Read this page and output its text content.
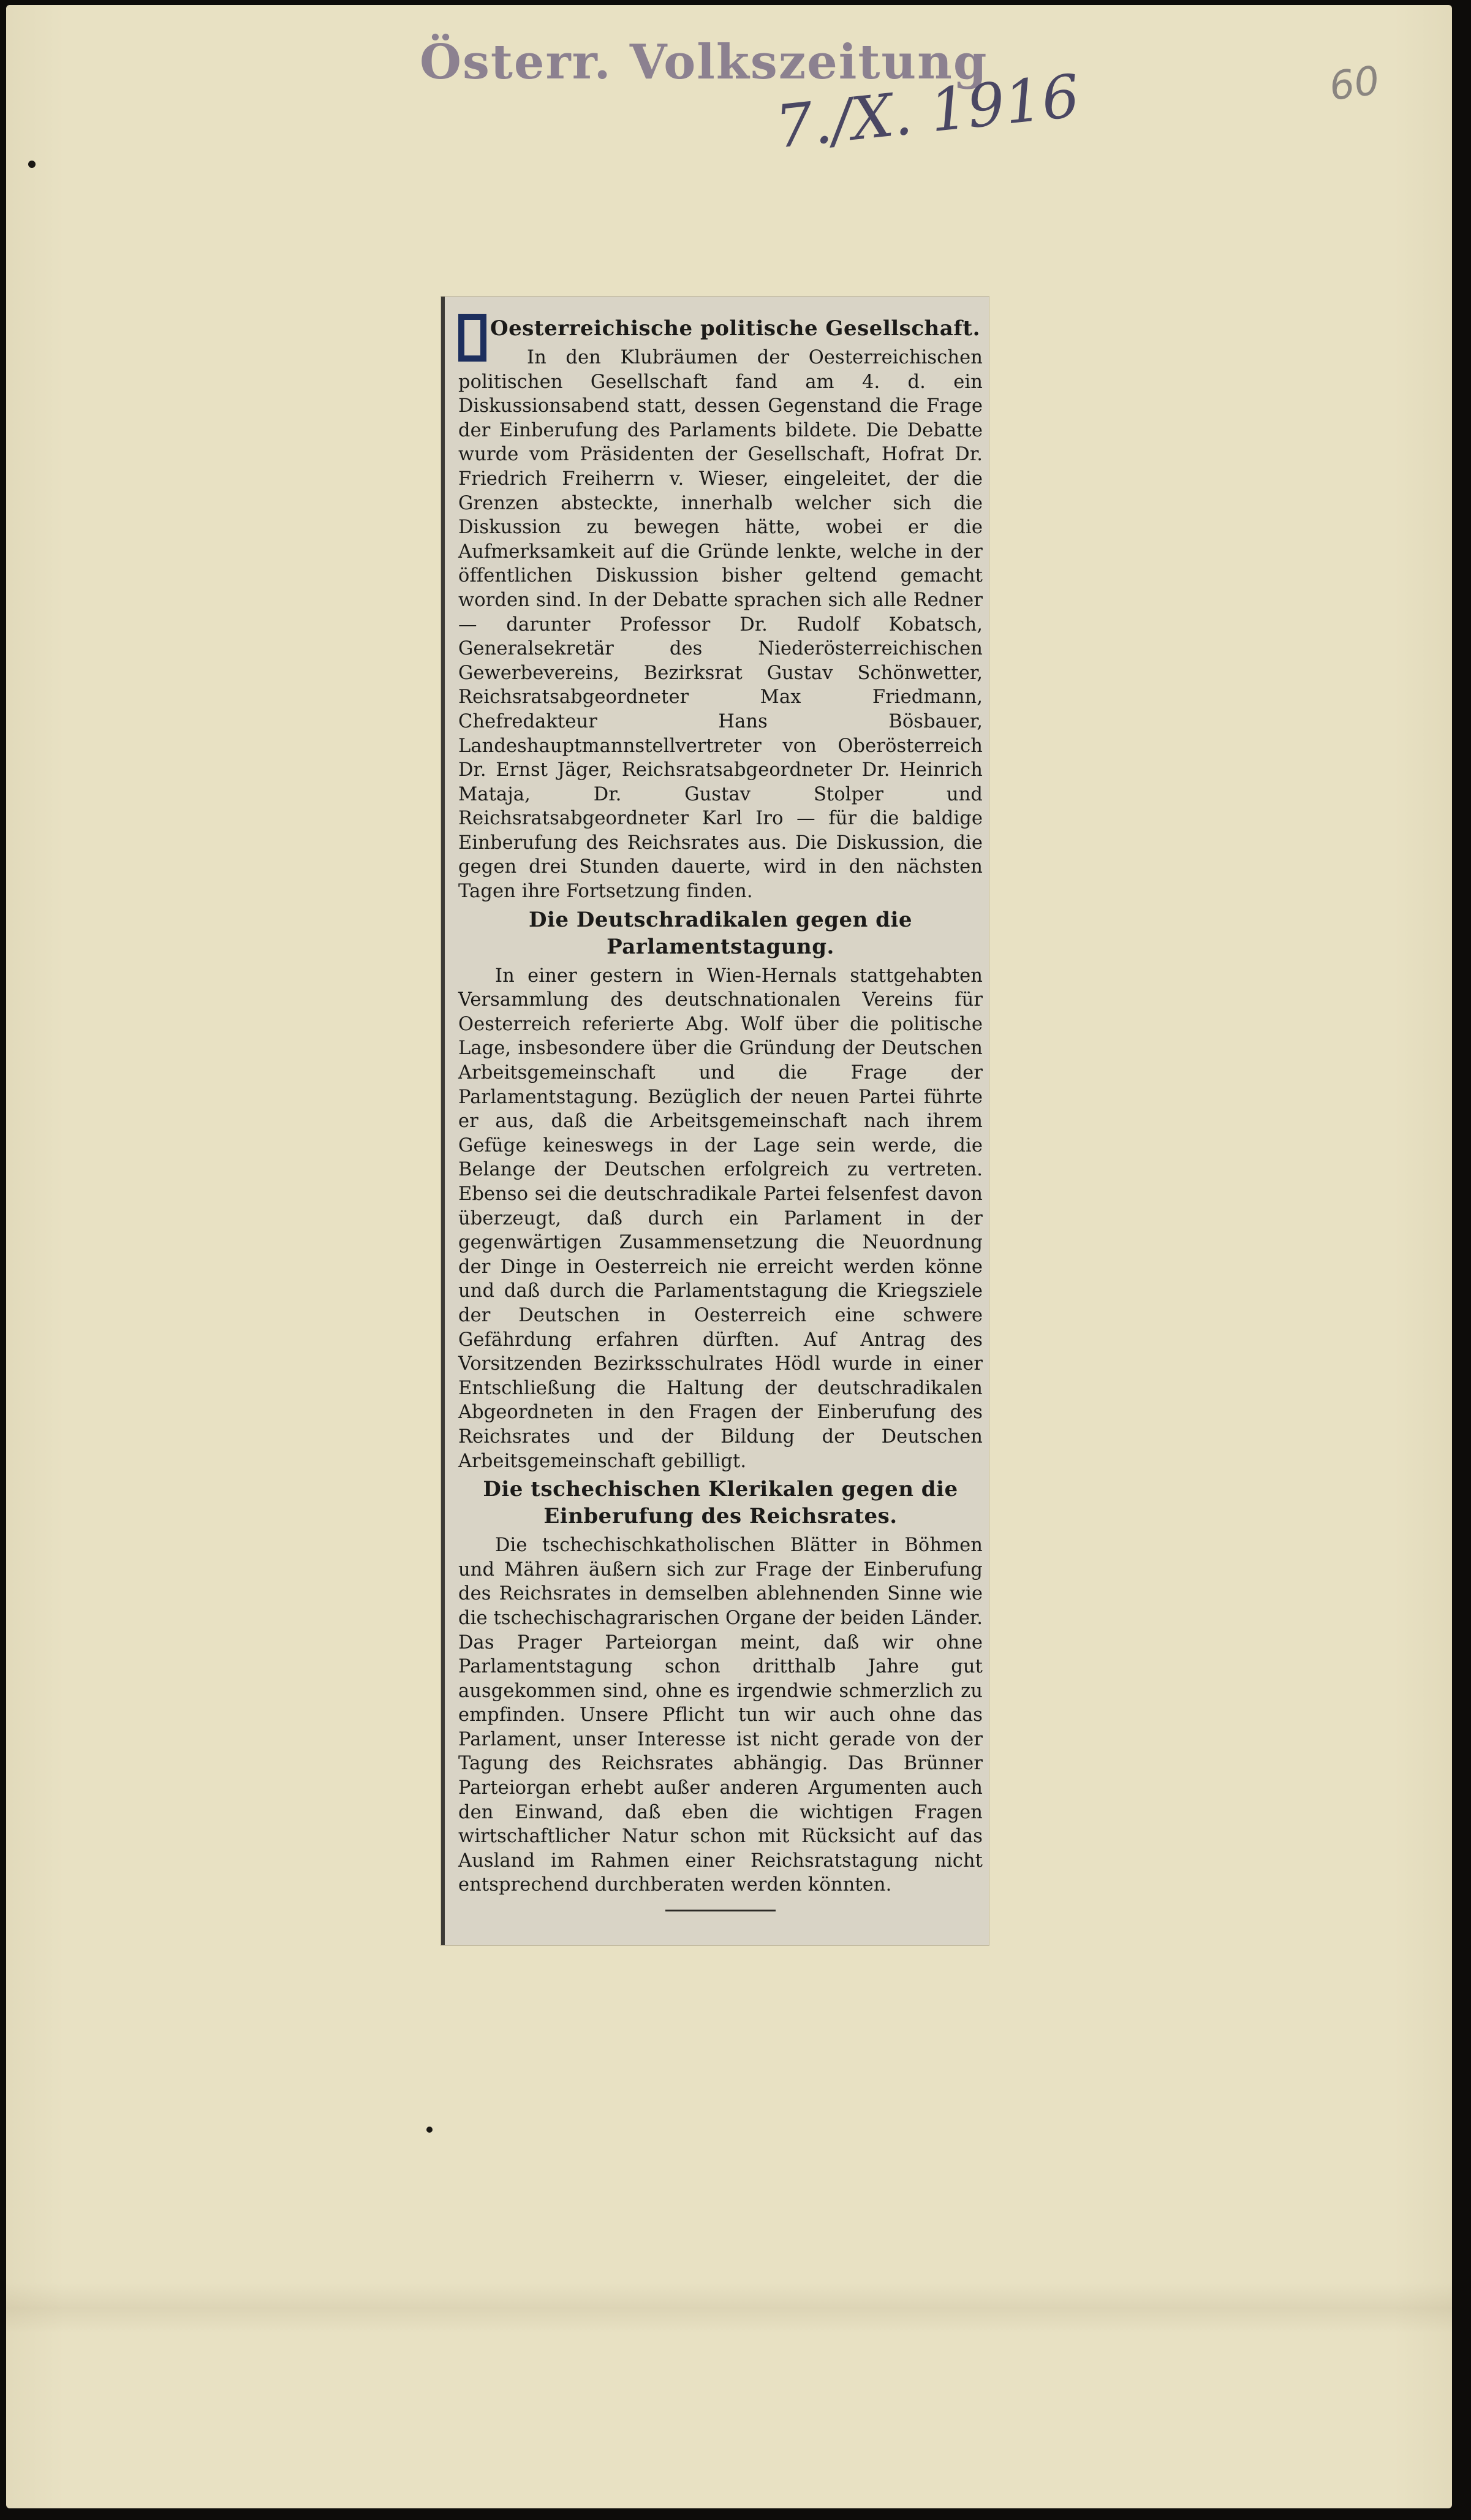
Österr. Volkszeitung
7./X. 1916	60
Oesterreichische politische Gesellschaft.

In den Klubräumen der Oesterreichischen politischen Gesellschaft fand am 4. d. ein Diskussionsabend statt, dessen Gegenstand die Frage der Einberufung des Parlaments bildete. Die Debatte wurde vom Präsidenten der Gesellschaft, Hofrat Dr. Friedrich Freiherrn v. Wieser, eingeleitet, der die Grenzen absteckte, innerhalb welcher sich die Diskussion zu bewegen hätte, wobei er die Aufmerksamkeit auf die Gründe lenkte, welche in der öffentlichen Diskussion bisher geltend gemacht worden sind. In der Debatte sprachen sich alle Redner — darunter Professor Dr. Rudolf Kobatsch, Generalsekretär des Niederösterreichischen Gewerbevereins, Bezirksrat Gustav Schönwetter, Reichsratsabgeordneter Max Friedmann, Chefredakteur Hans Bösbauer, Landeshauptmannstellvertreter von Oberösterreich Dr. Ernst Jäger, Reichsratsabgeordneter Dr. Heinrich Mataja, Dr. Gustav Stolper und Reichsratsabgeordneter Karl Iro — für die baldige Einberufung des Reichsrates aus. Die Diskussion, die gegen drei Stunden dauerte, wird in den nächsten Tagen ihre Fortsetzung finden.

Die Deutschradikalen gegen die Parlamentstagung.

In einer gestern in Wien-Hernals stattgehabten Versammlung des deutschnationalen Vereins für Oesterreich referierte Abg. Wolf über die politische Lage, insbesondere über die Gründung der Deutschen Arbeitsgemeinschaft und die Frage der Parlamentstagung. Bezüglich der neuen Partei führte er aus, daß die Arbeitsgemeinschaft nach ihrem Gefüge keineswegs in der Lage sein werde, die Belange der Deutschen erfolgreich zu vertreten. Ebenso sei die deutschradikale Partei felsenfest davon überzeugt, daß durch ein Parlament in der gegenwärtigen Zusammensetzung die Neuordnung der Dinge in Oesterreich nie erreicht werden könne und daß durch die Parlamentstagung die Kriegsziele der Deutschen in Oesterreich eine schwere Gefährdung erfahren dürften. Auf Antrag des Vorsitzenden Bezirksschulrates Hödl wurde in einer Entschließung die Haltung der deutschradikalen Abgeordneten in den Fragen der Einberufung des Reichsrates und der Bildung der Deutschen Arbeitsgemeinschaft gebilligt.

Die tschechischen Klerikalen gegen die Einberufung des Reichsrates.

Die tschechischkatholischen Blätter in Böhmen und Mähren äußern sich zur Frage der Einberufung des Reichsrates in demselben ablehnenden Sinne wie die tschechischagrarischen Organe der beiden Länder. Das Prager Parteiorgan meint, daß wir ohne Parlamentstagung schon dritthalb Jahre gut ausgekommen sind, ohne es irgendwie schmerzlich zu empfinden. Unsere Pflicht tun wir auch ohne das Parlament, unser Interesse ist nicht gerade von der Tagung des Reichsrates abhängig. Das Brünner Parteiorgan erhebt außer anderen Argumenten auch den Einwand, daß eben die wichtigen Fragen wirtschaftlicher Natur schon mit Rücksicht auf das Ausland im Rahmen einer Reichsratstagung nicht entsprechend durchberaten werden könnten.
